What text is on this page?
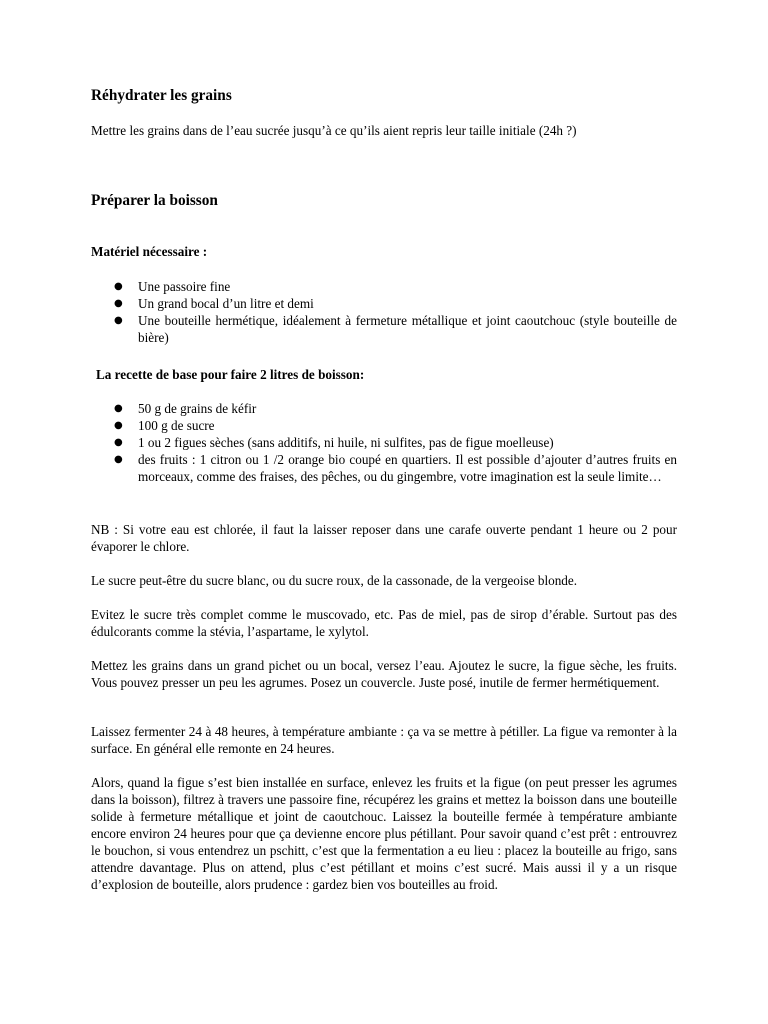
Réhydrater les grains

Mettre les grains dans de l’eau sucrée jusqu’à ce qu’ils aient repris leur taille initiale (24h ?)

Préparer la boisson

Matériel nécessaire :

● Une passoire fine
● Un grand bocal d’un litre et demi
● Une bouteille hermétique, idéalement à fermeture métallique et joint caoutchouc (style bouteille de bière)

La recette de base pour faire 2 litres de boisson:

● 50 g de grains de kéfir
● 100 g de sucre
● 1 ou 2 figues sèches (sans additifs, ni huile, ni sulfites, pas de figue moelleuse)
● des fruits : 1 citron ou 1 /2 orange bio coupé en quartiers. Il est possible d’ajouter d’autres fruits en morceaux, comme des fraises, des pêches, ou du gingembre, votre imagination est la seule limite…

NB : Si votre eau est chlorée, il faut la laisser reposer dans une carafe ouverte pendant 1 heure ou 2 pour évaporer le chlore.

Le sucre peut-être du sucre blanc, ou du sucre roux, de la cassonade, de la vergeoise blonde.

Evitez le sucre très complet comme le muscovado, etc. Pas de miel, pas de sirop d’érable. Surtout pas des édulcorants comme la stévia, l’aspartame, le xylytol.

Mettez les grains dans un grand pichet ou un bocal, versez l’eau. Ajoutez le sucre, la figue sèche, les fruits. Vous pouvez presser un peu les agrumes. Posez un couvercle. Juste posé, inutile de fermer hermétiquement.

Laissez fermenter 24 à 48 heures, à température ambiante : ça va se mettre à pétiller. La figue va remonter à la surface. En général elle remonte en 24 heures.

Alors, quand la figue s’est bien installée en surface, enlevez les fruits et la figue (on peut presser les agrumes dans la boisson), filtrez à travers une passoire fine, récupérez les grains et mettez la boisson dans une bouteille solide à fermeture métallique et joint de caoutchouc. Laissez la bouteille fermée à température ambiante encore environ 24 heures pour que ça devienne encore plus pétillant. Pour savoir quand c’est prêt : entrouvrez le bouchon, si vous entendrez un pschitt, c’est que la fermentation a eu lieu : placez la bouteille au frigo, sans attendre davantage. Plus on attend, plus c’est pétillant et moins c’est sucré. Mais aussi il y a un risque d’explosion de bouteille, alors prudence : gardez bien vos bouteilles au froid.
